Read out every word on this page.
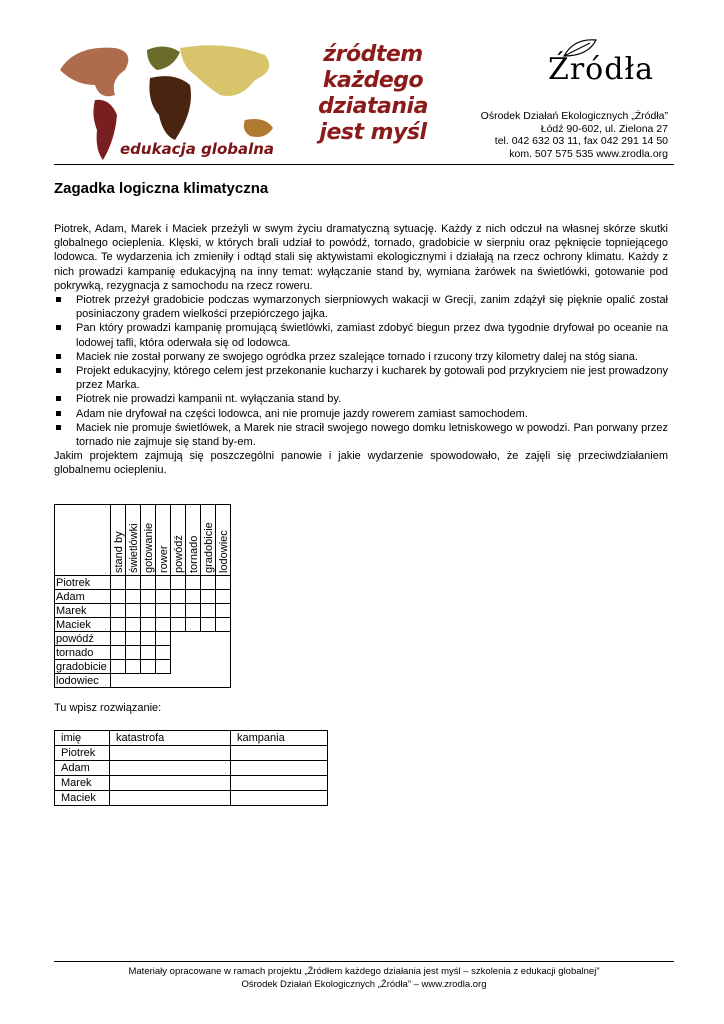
edukacja globalna
źródtem
każdego
dziatania
jest myśl
Źródła
Ośrodek Działań Ekologicznych „Źródła”
Łódź 90-602, ul. Zielona 27
tel. 042 632 03 11, fax 042 291 14 50
kom. 507 575 535 www.zrodla.org
Zagadka logiczna klimatyczna
Piotrek, Adam, Marek i Maciek przeżyli w swym życiu dramatyczną sytuację. Każdy z nich odczuł na własnej skórze skutki globalnego ocieplenia. Klęski, w których brali udział to powódź, tornado, gradobicie w sierpniu oraz pęknięcie topniejącego lodowca. Te wydarzenia ich zmieniły i odtąd stali się aktywistami ekologicznymi i działają na rzecz ochrony klimatu. Każdy z nich prowadzi kampanię edukacyjną na inny temat: wyłączanie stand by, wymiana żarówek na świetlówki, gotowanie pod pokrywką, rezygnacja z samochodu na rzecz roweru.
Piotrek przeżył gradobicie podczas wymarzonych sierpniowych wakacji w Grecji, zanim zdążył się pięknie opalić został posiniaczony gradem wielkości przepiórczego jajka.
Pan który prowadzi kampanię promującą świetlówki, zamiast zdobyć biegun przez dwa tygodnie dryfował po oceanie na lodowej tafli, która oderwała się od lodowca.
Maciek nie został porwany ze swojego ogródka przez szalejące tornado i rzucony trzy kilometry dalej na stóg siana.
Projekt edukacyjny, którego celem jest przekonanie kucharzy i kucharek by gotowali pod przykryciem nie jest prowadzony przez Marka.
Piotrek nie prowadzi kampanii nt. wyłączania stand by.
Adam nie dryfował na części lodowca, ani nie promuje jazdy rowerem zamiast samochodem.
Maciek nie promuje świetlówek, a Marek nie stracił swojego nowego domku letniskowego w powodzi. Pan porwany przez tornado nie zajmuje się stand by-em.
Jakim projektem zajmują się poszczególni panowie i jakie wydarzenie spowodowało, że zajęli się przeciwdziałaniem globalnemu ociepleniu.

	stand by	świetlówki	gotowanie	rower	powódź	tornado	gradobicie	lodowiec

Piotrek								
Adam								
Marek								
Maciek								
powódź								
tornado								
gradobicie								
lodowiec								
Tu wpisz rozwiązanie:
imię	katastrofa	kampania
Piotrek		
Adam		
Marek		
Maciek		
Materiały opracowane w ramach projektu „Źródłem każdego działania jest myśl – szkolenia z edukacji globalnej”
Ośrodek Działań Ekologicznych „Źródła” – www.zrodla.org
